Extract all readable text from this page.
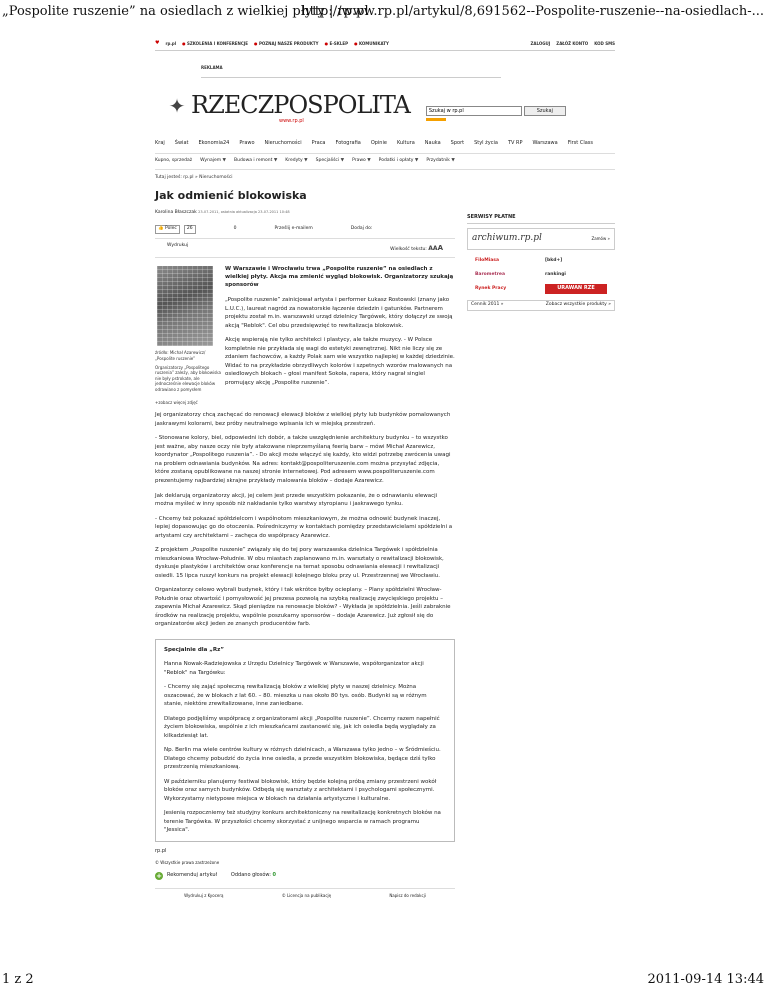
„Pospolite ruszenie” na osiedlach z wielkiej płyty | rp.pl
http://www.rp.pl/artykul/8,691562--Pospolite-ruszenie--na-osiedlach-...
♥ rp.pl ● SZKOLENIA I KONFERENCJE ● POZNAJ NASZE PRODUKTY ● E-SKLEP ● KOMUNIKATY	ZALOGUJ ZAŁÓŻ KONTO KOD SMS
REKLAMA
✦ RZECZPOSPOLITA
www.rp.pl
Szukaj w rp.pl
Szukaj
Kraj Świat Ekonomia24 Prawo Nieruchomości Praca Fotografia Opinie Kultura Nauka Sport Styl życia TV RP Warszawa First Class
Kupno, sprzedaż Wynajem ▼ Budowa i remont ▼ Kredyty ▼ Specjaliści ▼ Prawo ▼ Podatki i opłaty ▼ Przydatnik ▼
Tutaj jesteś: rp.pl » Nieruchomości
Jak odmienić blokowiska
Karolina Błaszczak 23-07-2011, ostatnia aktualizacja 23-07-2011 10:48
👍 Polec	26	0	Prześlij e-mailem	Dodaj do:
Wydrukuj
Wielkość tekstu: AAA
źródło: Michał Azarewicz/„Pospolite ruszenie”
Organizatorzy „Pospolitego ruszenia” zależy, aby blokowiska nie były pstrokate, ale jednocześnie elewacje bloków odrawiano z pomysłem
+zobacz więcej zdjęć
W Warszawie i Wrocławiu trwa „Pospolite ruszenie” na osiedlach z wielkiej płyty. Akcja ma zmienić wygląd blokowisk. Organizatorzy szukają sponsorów

„Pospolite ruszenie” zainicjował artysta i performer Łukasz Rostowski (znany jako L.U.C.), laureat nagród za nowatorskie łączenie dziedzin i gatunków. Partnerem projektu został m.in. warszawski urząd dzielnicy Targówek, który dołączył ze swoją akcją "Reblok". Cel obu przedsięwzięć to rewitalizacja blokowisk.

Akcję wspierają nie tylko architekci i plastycy, ale także muzycy. - W Polsce kompletnie nie przykłada się wagi do estetyki zewnętrznej. Nikt nie liczy się ze zdaniem fachowców, a każdy Polak sam wie wszystko najlepiej w każdej dziedzinie. Widać to na przykładzie obrzydliwych kolorów i szpetnych wzorów malowanych na osiedlowych blokach – głosi manifest Sokoła, rapera, który nagrał singiel promujący akcję „Pospolite ruszenie”.

Jej organizatorzy chcą zachęcać do renowacji elewacji bloków z wielkiej płyty lub budynków pomalowanych jaskrawymi kolorami, bez próby neutralnego wpisania ich w miejską przestrzeń.

- Stonowane kolory, biel, odpowiedni ich dobór, a także uwzględnienie architektury budynku – to wszystko jest ważne, aby nasze oczy nie były atakowane nieprzemyślaną feerią barw – mówi Michał Azarewicz, koordynator „Pospolitego ruszenia”. - Do akcji może włączyć się każdy, kto widzi potrzebę zwrócenia uwagi na problem odnawiania budynków. Na adres: kontakt@pospoliteruszenie.com można przysyłać zdjęcia, które zostaną opublikowane na naszej stronie internetowej. Pod adresem www.pospoliteruszenie.com prezentujemy najbardziej skrajne przykłady malowania bloków – dodaje Azarewicz.

Jak deklarują organizatorzy akcji, jej celem jest przede wszystkim pokazanie, że o odnawianiu elewacji można myśleć w inny sposób niż nakładanie tylko warstwy styropianu i jaskrawego tynku.

- Chcemy też pokazać spółdzielcom i wspólnotom mieszkaniowym, że można odnowić budynek inaczej, lepiej dopasowując go do otoczenia. Pośredniczymy w kontaktach pomiędzy przedstawicielami spółdzielni a artystami czy architektami – zachęca do współpracy Azarewicz.

Z projektem „Pospolite ruszenie” związały się do tej pory warszawska dzielnica Targówek i spółdzielnia mieszkaniowa Wrocław-Południe. W obu miastach zaplanowano m.in. warsztaty o rewitalizacji blokowisk, dyskusje plastyków i architektów oraz konferencje na temat sposobu odnawiania elewacji i rewitalizacji osiedli. 15 lipca ruszył konkurs na projekt elewacji kolejnego bloku przy ul. Przestrzennej we Wrocławiu.

Organizatorzy celowo wybrali budynek, który i tak wkrótce byłby ocieplany. – Plany spółdzielni Wrocław-Południe oraz otwartość i pomysłowość jej prezesa pozwolą na szybką realizację zwycięskiego projektu – zapewnia Michał Azarewicz. Skąd pieniądze na renowacje bloków? - Wykłada je spółdzielnia. Jeśli zabraknie środków na realizację projektu, wspólnie poszukamy sponsorów – dodaje Azarewicz. Już zgłosił się do organizatorów akcji jeden ze znanych producentów farb.

Specjalnie dla „Rz”

Hanna Nowak-Radziejowska z Urzędu Dzielnicy Targówek w Warszawie, współorganizator akcji "Reblok" na Targówku:

- Chcemy się zająć społeczną rewitalizacją bloków z wielkiej płyty w naszej dzielnicy. Można oszacować, że w blokach z lat 60. – 80. mieszka u nas około 80 tys. osób. Budynki są w różnym stanie, niektóre zrewitalizowane, inne zaniedbane.

Dlatego podjęliśmy współpracę z organizatorami akcji „Pospolite ruszenie”. Chcemy razem napełnić życiem blokowiska, wspólnie z ich mieszkańcami zastanowić się, jak ich osiedla będą wyglądały za kilkadziesiąt lat.

Np. Berlin ma wiele centrów kultury w różnych dzielnicach, a Warszawa tylko jedno – w Śródmieściu. Dlatego chcemy pobudzić do życia inne osiedla, a przede wszystkim blokowiska, będące dziś tylko przestrzenią mieszkaniową.

W październiku planujemy festiwal blokowisk, który będzie kolejną próbą zmiany przestrzeni wokół bloków oraz samych budynków. Odbędą się warsztaty z architektami i psychologami społecznymi. Wykorzystamy nietypowe miejsca w blokach na działania artystyczne i kulturalne.

Jesienią rozpoczniemy też studyjny konkurs architektoniczny na rewitalizację konkretnych bloków na terenie Targówka. W przyszłości chcemy skorzystać z unijnego wsparcia w ramach programu "Jessica".

rp.pl
© Wszystkie prawa zastrzeżone
+ Rekomenduj artykuł	Oddano głosów: 0
Wydrukuj z Kyocerą	© Licencja na publikację	Napisz do redakcji
SERWISY PŁATNE
archiwum.rp.pl	Zamów »
FiloMiasa	[bkd+]
Barometrea	rankingi
Rynek Pracy	URAWAN RZE
Cennik 2011 »	Zobacz wszystkie produkty »
1 z 2	2011-09-14 13:44
